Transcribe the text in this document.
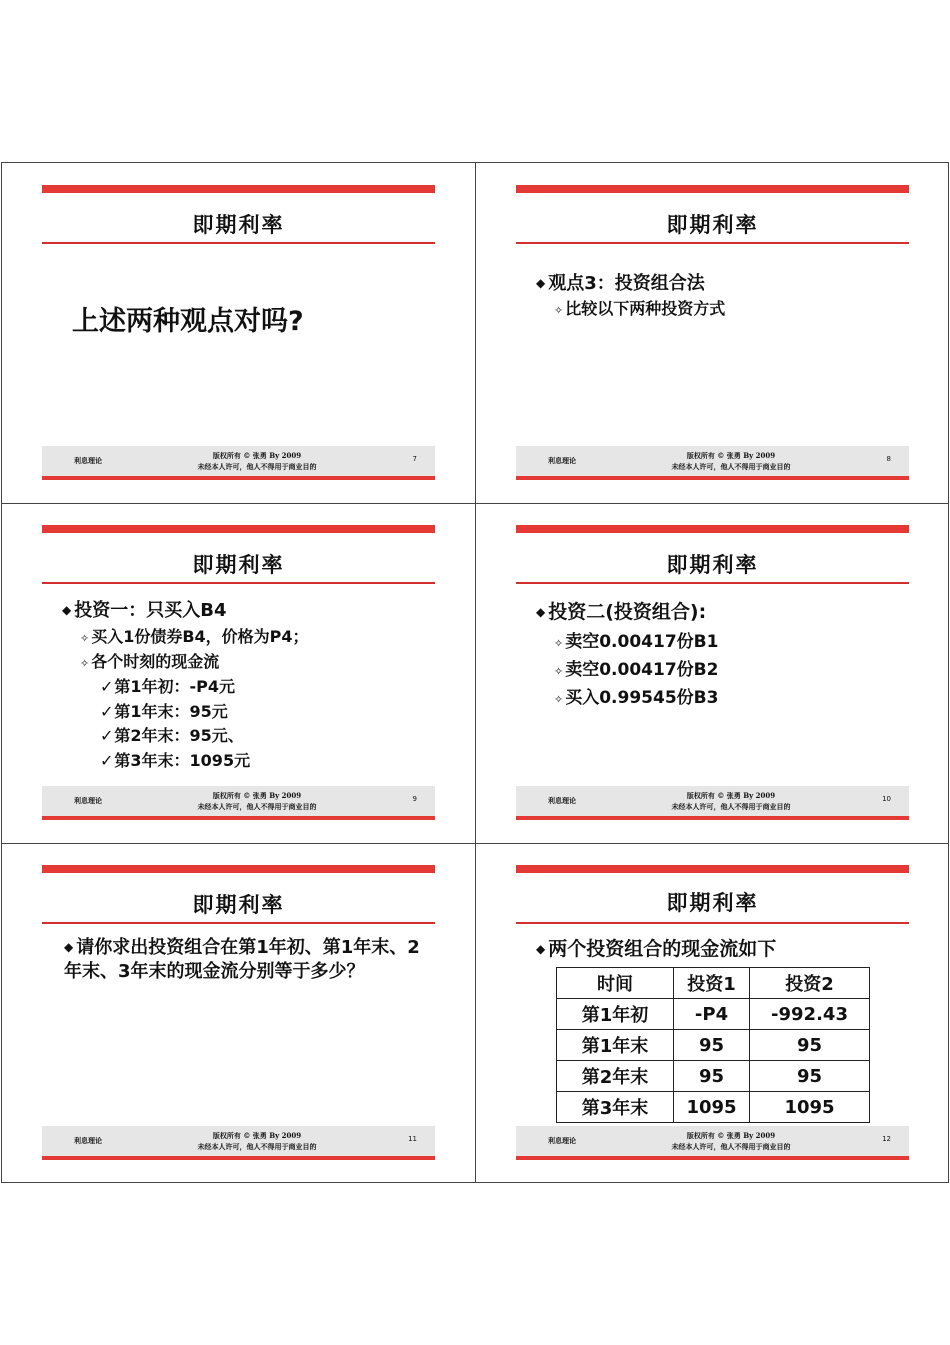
即期利率
上述两种观点对吗?
利息理论
版权所有 © 张勇 By 2009
未经本人许可，他人不得用于商业目的
7
即期利率
◆ 观点3：投资组合法
✧ 比较以下两种投资方式
利息理论
版权所有 © 张勇 By 2009
未经本人许可，他人不得用于商业目的
8
即期利率
◆ 投资一：只买入B4
✧ 买入1份债券B4，价格为P4；
✧ 各个时刻的现金流
✓第1年初：-P4元
✓第1年末：95元
✓第2年末：95元、
✓第3年末：1095元
利息理论
版权所有 © 张勇 By 2009
未经本人许可，他人不得用于商业目的
9
即期利率
◆ 投资二(投资组合):
✧ 卖空0.00417份B1
✧ 卖空0.00417份B2
✧ 买入0.99545份B3
利息理论
版权所有 © 张勇 By 2009
未经本人许可，他人不得用于商业目的
10
即期利率
◆ 请你求出投资组合在第1年初、第1年末、2年末、3年末的现金流分别等于多少？
利息理论
版权所有 © 张勇 By 2009
未经本人许可，他人不得用于商业目的
11
即期利率
◆ 两个投资组合的现金流如下
时间	投资1	投资2
第1年初	-P4	-992.43
第1年末	95	95
第2年末	95	95
第3年末	1095	1095
利息理论
版权所有 © 张勇 By 2009
未经本人许可，他人不得用于商业目的
12
